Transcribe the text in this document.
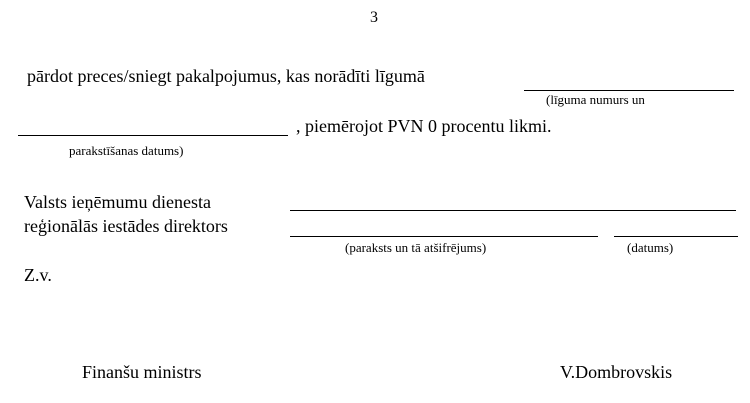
3
pārdot preces/sniegt pakalpojumus, kas norādīti līgumā
(līguma numurs un
, piemērojot PVN 0 procentu likmi.
parakstīšanas datums)
Valsts ieņēmumu dienesta
reģionālās iestādes direktors
(paraksts un tā atšifrējums)	(datums)
Z.v.
Finanšu ministrs	V.Dombrovskis
